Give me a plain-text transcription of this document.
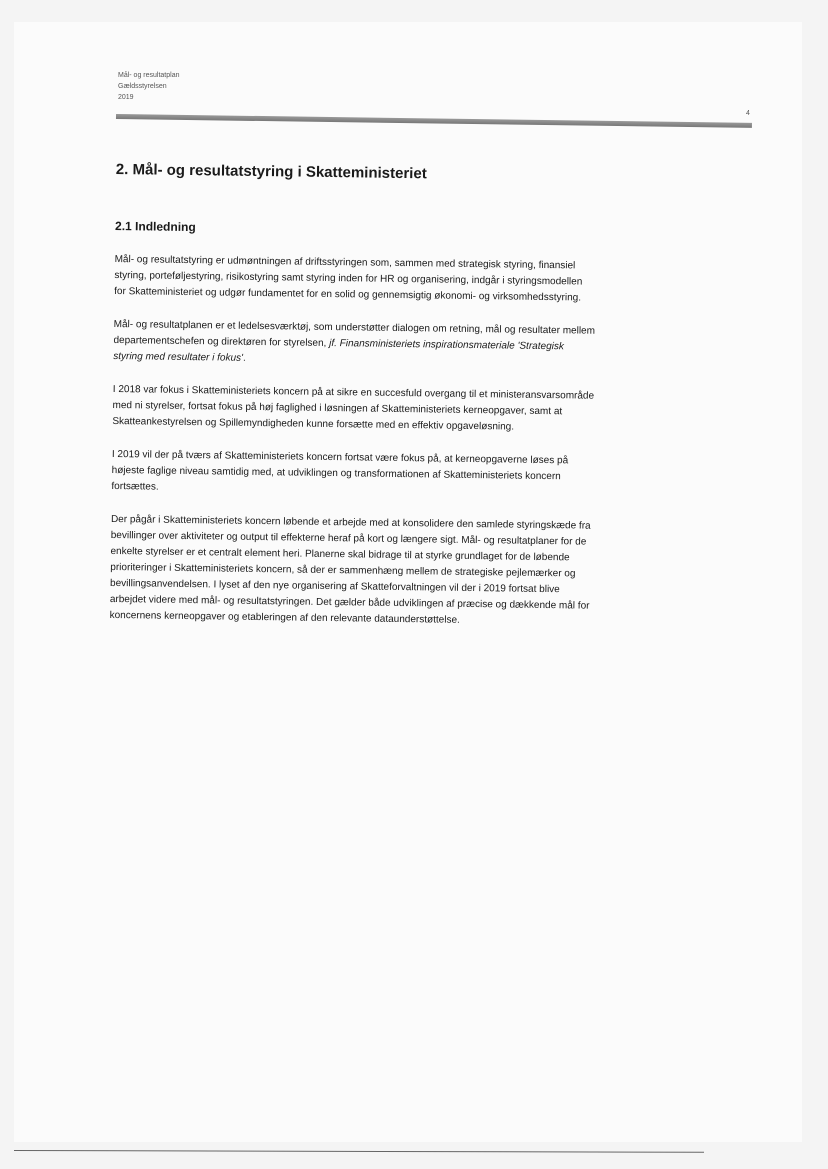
Mål- og resultatplan
Gældsstyrelsen
2019
4
2. Mål- og resultatstyring i Skatteministeriet
2.1 Indledning

Mål- og resultatstyring er udmøntningen af driftsstyringen som, sammen med strategisk styring, finansiel styring, porteføljestyring, risikostyring samt styring inden for HR og organisering, indgår i styringsmodellen for Skatteministeriet og udgør fundamentet for en solid og gennemsigtig økonomi- og virksomhedsstyring.

Mål- og resultatplanen er et ledelsesværktøj, som understøtter dialogen om retning, mål og resultater mellem departementschefen og direktøren for styrelsen, jf. Finansministeriets inspirationsmateriale 'Strategisk styring med resultater i fokus'.

I 2018 var fokus i Skatteministeriets koncern på at sikre en succesfuld overgang til et ministeransvarsområde med ni styrelser, fortsat fokus på høj faglighed i løsningen af Skatteministeriets kerneopgaver, samt at Skatteankestyrelsen og Spillemyndigheden kunne forsætte med en effektiv opgaveløsning.

I 2019 vil der på tværs af Skatteministeriets koncern fortsat være fokus på, at kerneopgaverne løses på højeste faglige niveau samtidig med, at udviklingen og transformationen af Skatteministeriets koncern fortsættes.

Der pågår i Skatteministeriets koncern løbende et arbejde med at konsolidere den samlede styringskæde fra bevillinger over aktiviteter og output til effekterne heraf på kort og længere sigt. Mål- og resultatplaner for de enkelte styrelser er et centralt element heri. Planerne skal bidrage til at styrke grundlaget for de løbende prioriteringer i Skatteministeriets koncern, så der er sammenhæng mellem de strategiske pejlemærker og bevillingsanvendelsen. I lyset af den nye organisering af Skatteforvaltningen vil der i 2019 fortsat blive arbejdet videre med mål- og resultatstyringen. Det gælder både udviklingen af præcise og dækkende mål for koncernens kerneopgaver og etableringen af den relevante dataunderstøttelse.
